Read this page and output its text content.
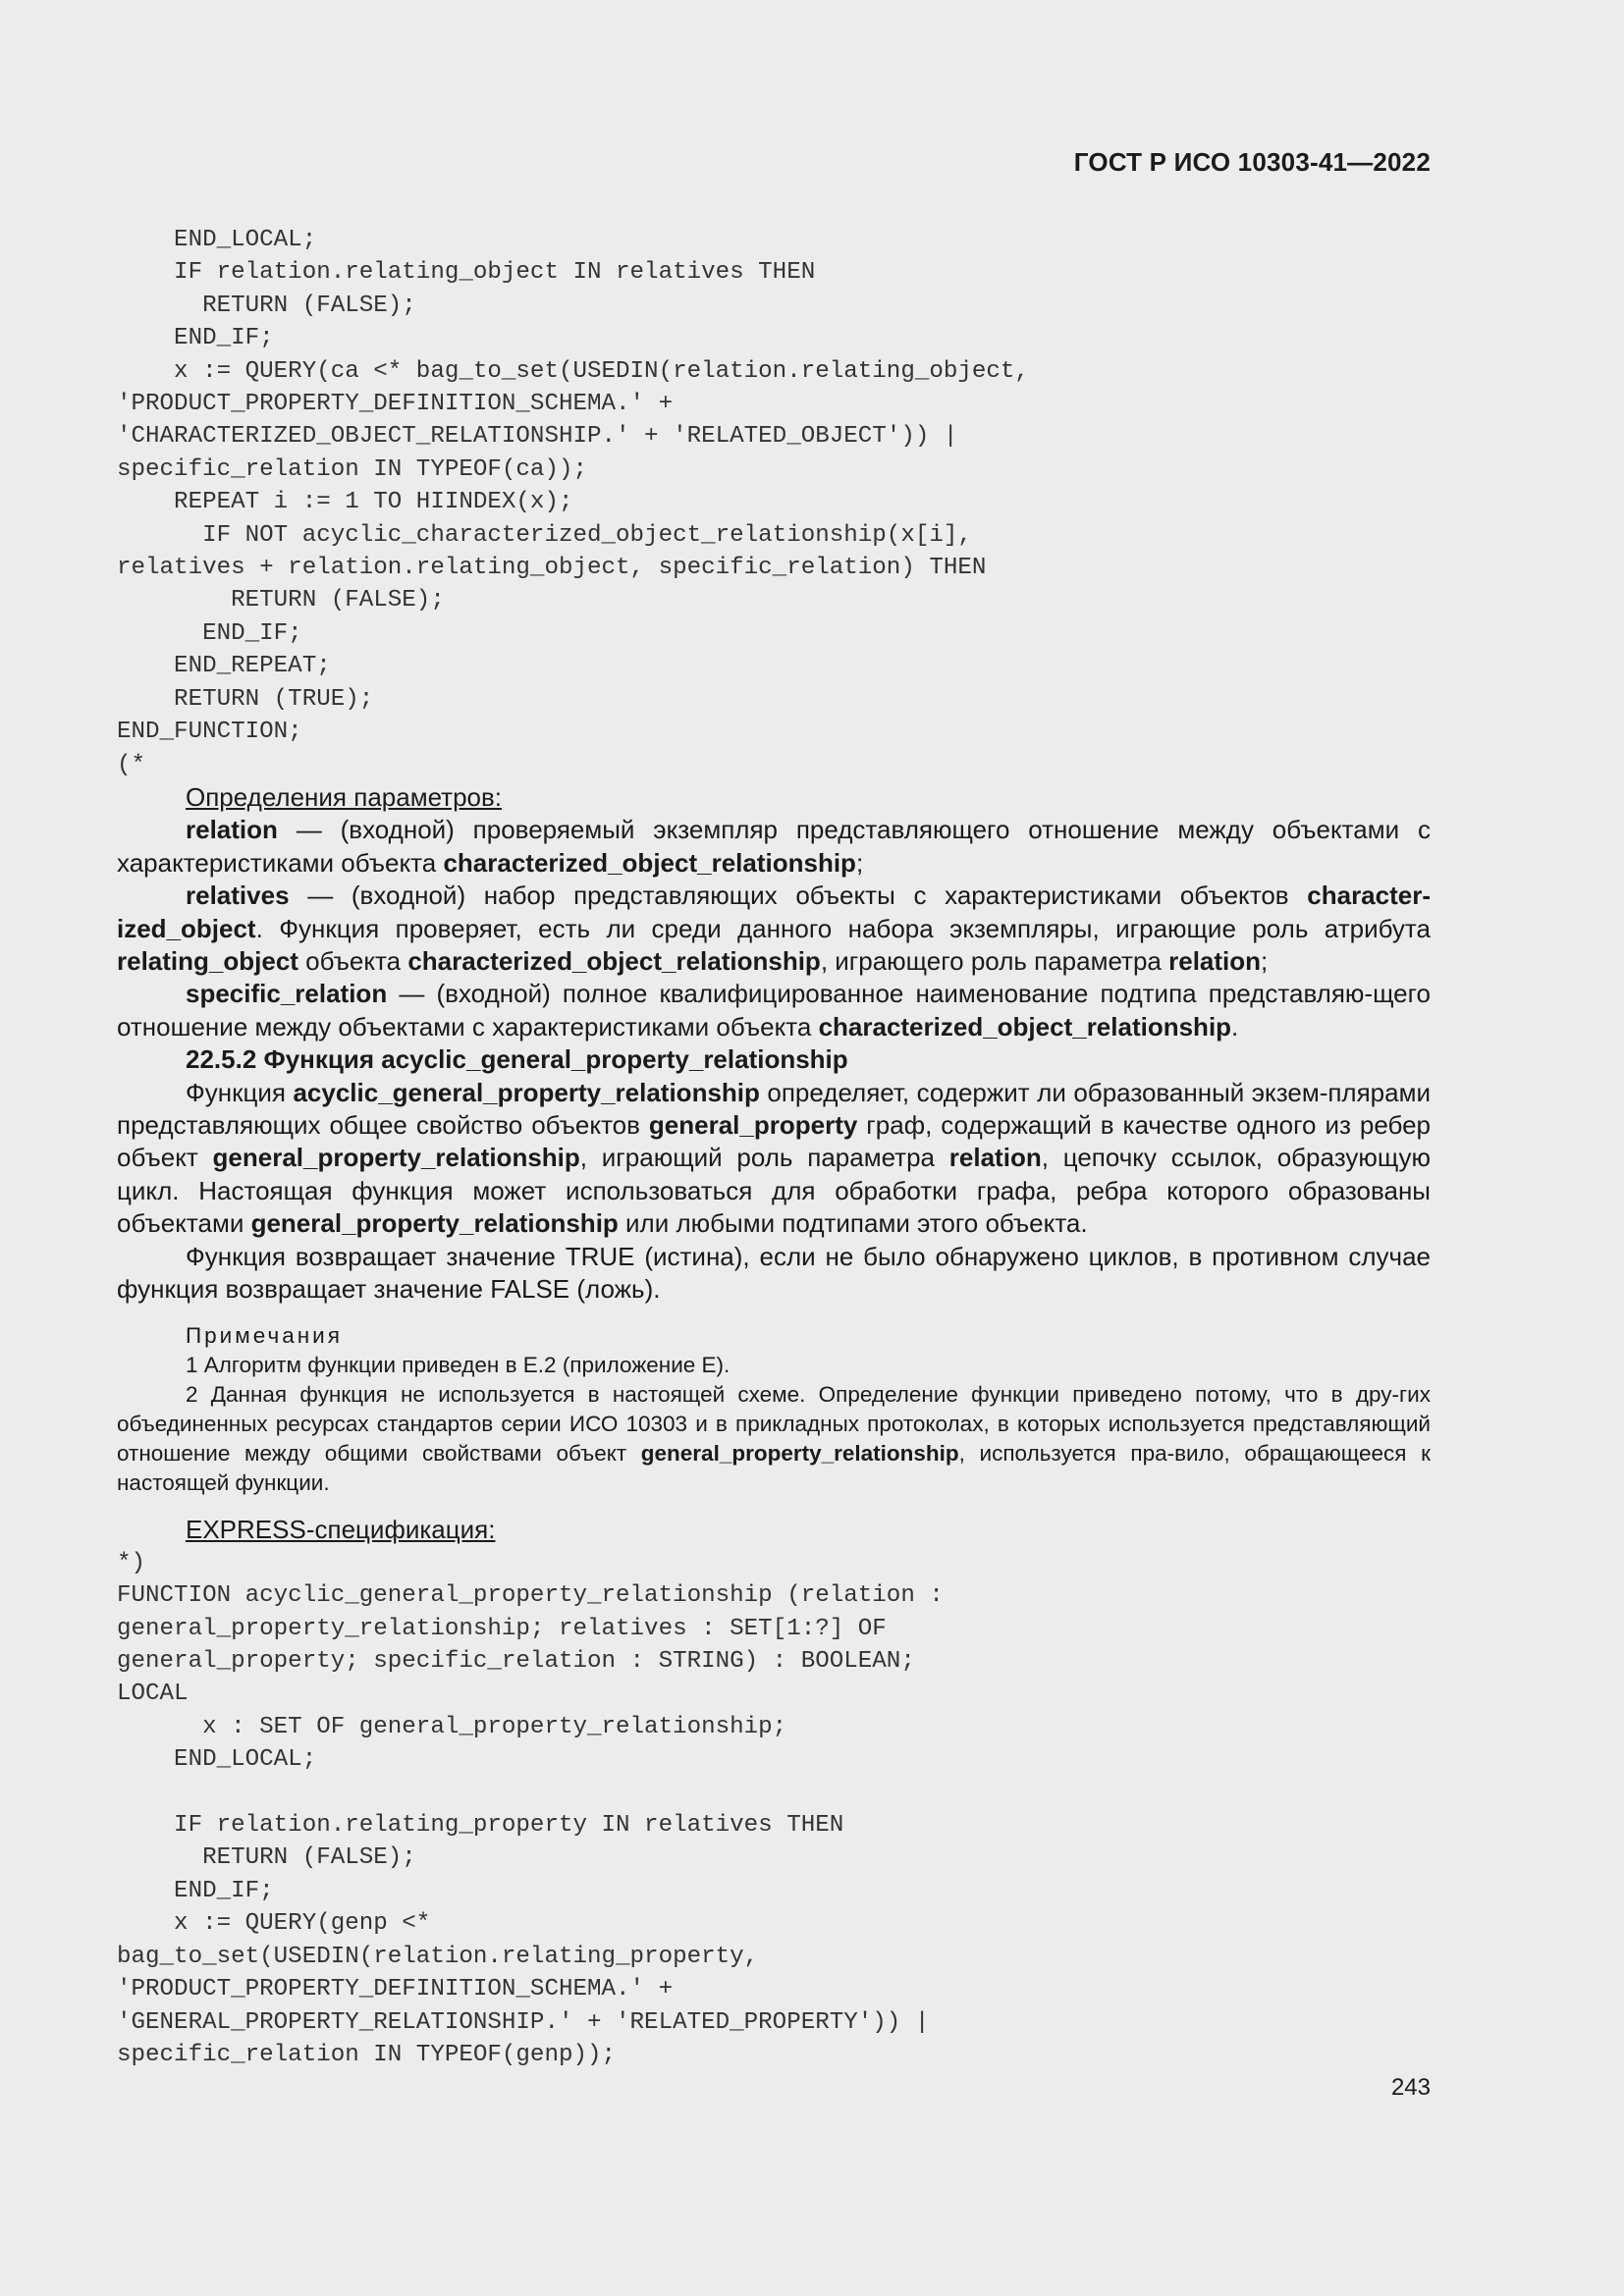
ГОСТ Р ИСО 10303-41—2022
END_LOCAL;
IF relation.relating_object IN relatives THEN
RETURN (FALSE);
END_IF;
x := QUERY(ca <* bag_to_set(USEDIN(relation.relating_object,
'PRODUCT_PROPERTY_DEFINITION_SCHEMA.' +
'CHARACTERIZED_OBJECT_RELATIONSHIP.' + 'RELATED_OBJECT')) |
specific_relation IN TYPEOF(ca));
REPEAT i := 1 TO HIINDEX(x);
IF NOT acyclic_characterized_object_relationship(x[i],
relatives + relation.relating_object, specific_relation) THEN
RETURN (FALSE);
END_IF;
END_REPEAT;
RETURN (TRUE);
END_FUNCTION;
(*

Определения параметров:

relation — (входной) проверяемый экземпляр представляющего отношение между объектами с характеристиками объекта characterized_object_relationship;

relatives — (входной) набор представляющих объекты с характеристиками объектов character-ized_object. Функция проверяет, есть ли среди данного набора экземпляры, играющие роль атрибута relating_object объекта characterized_object_relationship, играющего роль параметра relation;

specific_relation — (входной) полное квалифицированное наименование подтипа представляю-щего отношение между объектами с характеристиками объекта characterized_object_relationship.

22.5.2 Функция acyclic_general_property_relationship

Функция acyclic_general_property_relationship определяет, содержит ли образованный экзем-плярами представляющих общее свойство объектов general_property граф, содержащий в качестве одного из ребер объект general_property_relationship, играющий роль параметра relation, цепочку ссылок, образующую цикл. Настоящая функция может использоваться для обработки графа, ребра которого образованы объектами general_property_relationship или любыми подтипами этого объекта.

Функция возвращает значение TRUE (истина), если не было обнаружено циклов, в противном случае функция возвращает значение FALSE (ложь).

Примечания

1 Алгоритм функции приведен в Е.2 (приложение Е).

2 Данная функция не используется в настоящей схеме. Определение функции приведено потому, что в дру-гих объединенных ресурсах стандартов серии ИСО 10303 и в прикладных протоколах, в которых используется представляющий отношение между общими свойствами объект general_property_relationship, используется пра-вило, обращающееся к настоящей функции.

EXPRESS-спецификация:

*)
FUNCTION acyclic_general_property_relationship (relation :
general_property_relationship; relatives : SET[1:?] OF
general_property; specific_relation : STRING) : BOOLEAN;
LOCAL
x : SET OF general_property_relationship;
END_LOCAL;

IF relation.relating_property IN relatives THEN
RETURN (FALSE);
END_IF;
x := QUERY(genp <*
bag_to_set(USEDIN(relation.relating_property,
'PRODUCT_PROPERTY_DEFINITION_SCHEMA.' +
'GENERAL_PROPERTY_RELATIONSHIP.' + 'RELATED_PROPERTY')) |
specific_relation IN TYPEOF(genp));
243
